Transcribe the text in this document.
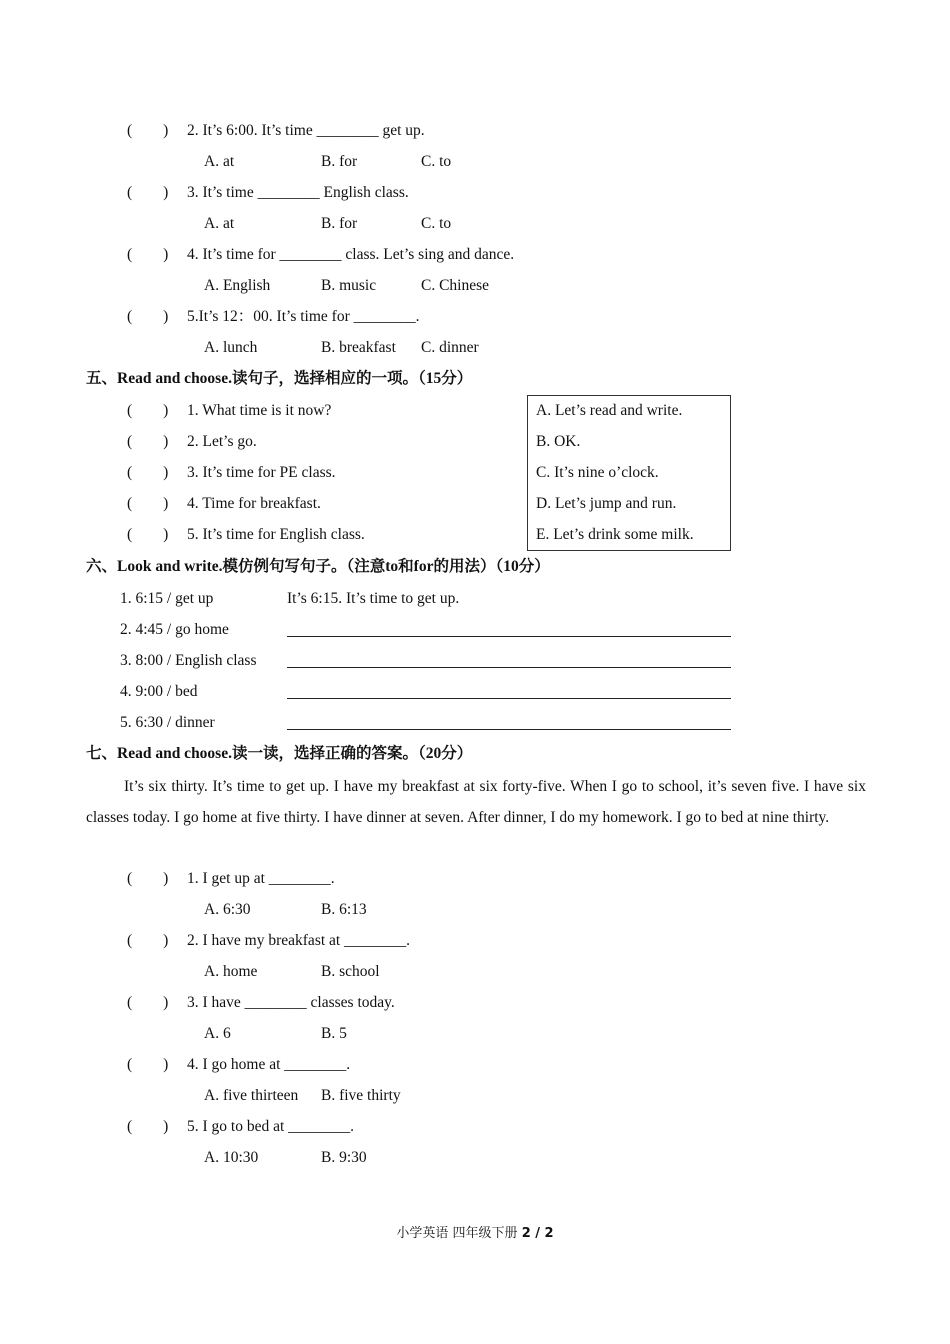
(　　) 2. It’s 6:00. It’s time ________ get up.
A. at	B. for	C. to
(　　) 3. It’s time ________ English class.
A. at	B. for	C. to
(　　) 4. It’s time for ________ class. Let’s sing and dance.
A. English	B. music	C. Chinese
(　　) 5.It’s 12：00. It’s time for ________.
A. lunch	B. breakfast C. dinner
五、Read and choose.读句子，选择相应的一项。（15分）
(　　) 1. What time is it now?
(　　) 2. Let’s go.
(　　) 3. It’s time for PE class.
(　　) 4. Time for breakfast.
(　　) 5. It’s time for English class.
A. Let’s read and write.
B. OK.
C. It’s nine o’clock.
D. Let’s jump and run.
E. Let’s drink some milk.
六、Look and write.模仿例句写句子。（注意to和for的用法）（10分）
1. 6:15 / get up	It’s 6:15. It’s time to get up.
2. 4:45 / go home
3. 8:00 / English class
4. 9:00 / bed
5. 6:30 / dinner
七、Read and choose.读一读，选择正确的答案。（20分）
It’s six thirty. It’s time to get up. I have my breakfast at six forty-five. When I go to school, it’s seven five. I have six classes today. I go home at five thirty. I have dinner at seven. After dinner, I do my homework. I go to bed at nine thirty.
(　　) 1. I get up at ________.
A. 6:30	B. 6:13
(　　) 2. I have my breakfast at ________.
A. home	B. school
(　　) 3. I have ________ classes today.
A. 6	B. 5
(　　) 4. I go home at ________.
A. five thirteen B. five thirty
(　　) 5. I go to bed at ________.
A. 10:30	B. 9:30
小学英语 四年级下册 2 / 2
